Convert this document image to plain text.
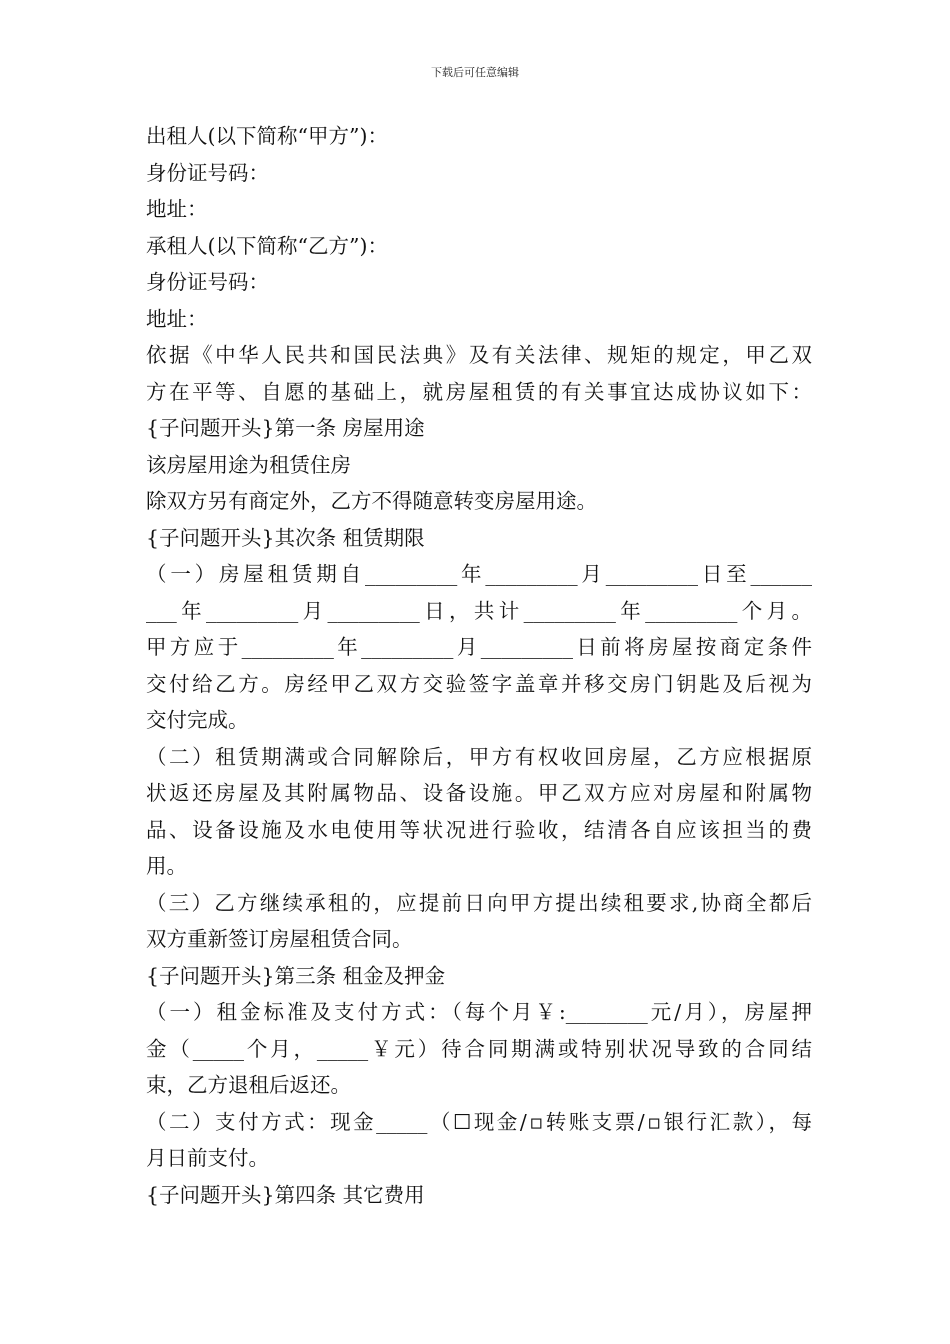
下载后可任意编辑
出租人(以下简称“甲方”)：
身份证号码：
地址：
承租人(以下简称“乙方”)：
身份证号码：
地址：
依据《中华人民共和国民法典》及有关法律、规矩的规定，甲乙双
方在平等、自愿的基础上，就房屋租赁的有关事宜达成协议如下：
{子问题开头}第一条 房屋用途
该房屋用途为租赁住房
除双方另有商定外，乙方不得随意转变房屋用途。
{子问题开头}其次条 租赁期限
（一）房屋租赁期自_________年_________月_________日至______
___年_________月_________日，共计_________年_________个月。
甲方应于_________年_________月_________日前将房屋按商定条件
交付给乙方。房经甲乙双方交验签字盖章并移交房门钥匙及后视为
交付完成。
（二）租赁期满或合同解除后，甲方有权收回房屋，乙方应根据原
状返还房屋及其附属物品、设备设施。甲乙双方应对房屋和附属物
品、设备设施及水电使用等状况进行验收，结清各自应该担当的费
用。
（三）乙方继续承租的，应提前日向甲方提出续租要求,协商全都后
双方重新签订房屋租赁合同。
{子问题开头}第三条 租金及押金
（一）租金标准及支付方式：（每个月￥:________元/月），房屋押
金（_____个月，_____￥元）待合同期满或特别状况导致的合同结
束，乙方退租后返还。
（二）支付方式：现金_____（☐现金/▫转账支票/▫银行汇款），每
月日前支付。
{子问题开头}第四条 其它费用
